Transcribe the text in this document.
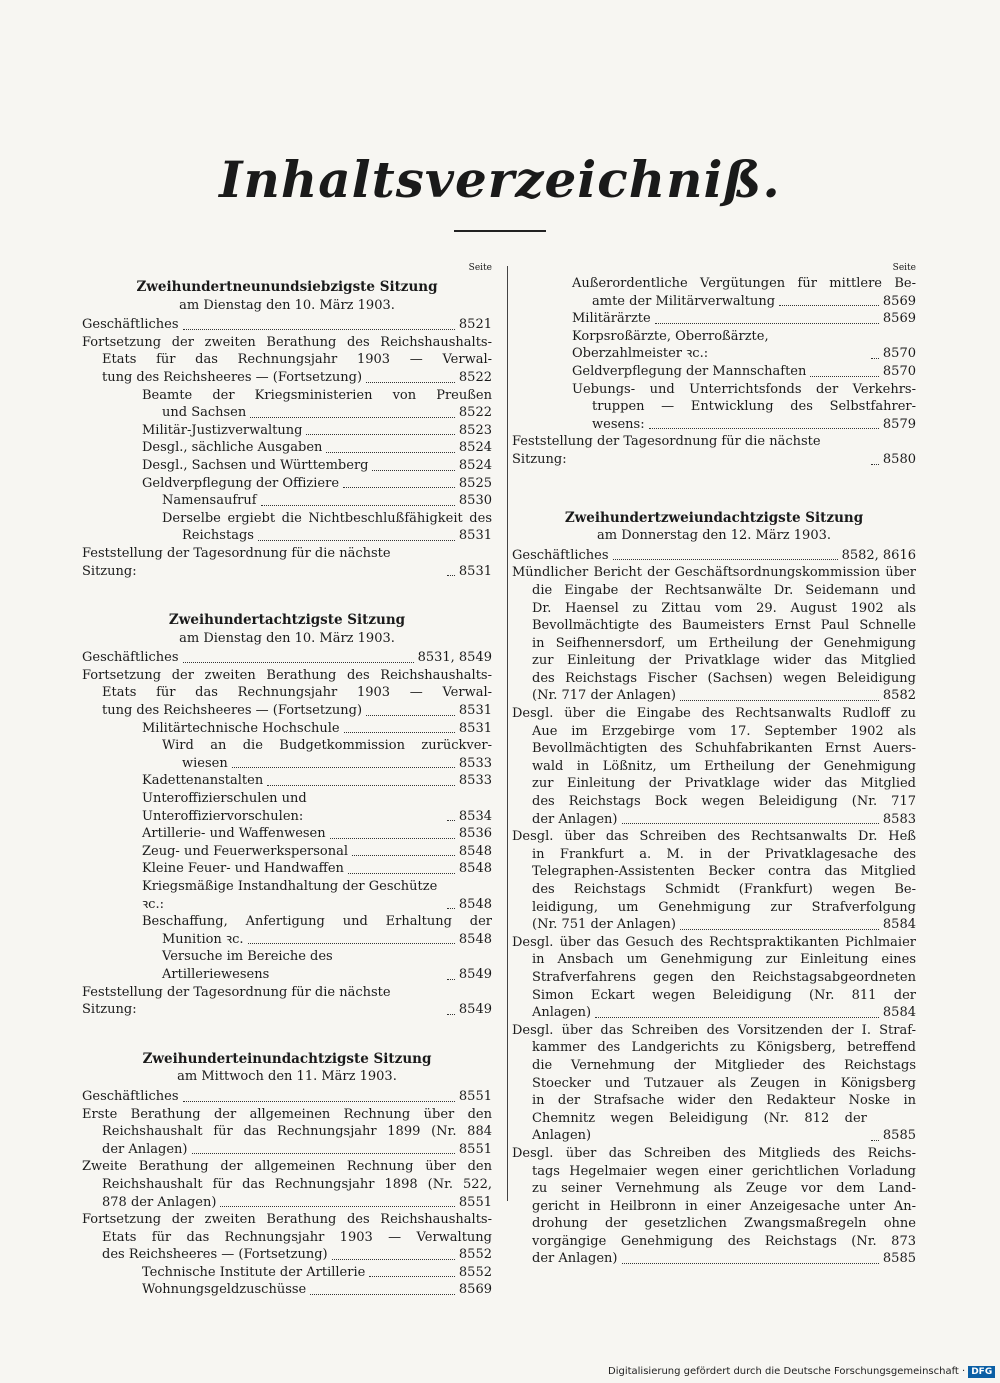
Inhaltsverzeichniß.
Seite
Zweihundertneunundsiebzigste Sitzung
am Dienstag den 10. März 1903.
Geschäftliches	8521
Fortsetzung der zweiten Berathung des Reichshaushalts-
Etats für das Rechnungsjahr 1903 — Verwal-
tung des Reichsheeres — (Fortsetzung)	8522
Beamte der Kriegsministerien von Preußen
und Sachsen	8522
Militär-Justizverwaltung	8523
Desgl., sächliche Ausgaben	8524
Desgl., Sachsen und Württemberg	8524
Geldverpflegung der Offiziere	8525
Namensaufruf	8530
Derselbe ergiebt die Nichtbeschlußfähigkeit des
Reichstags	8531
Feststellung der Tagesordnung für die nächste Sitzung:	8531
Zweihundertachtzigste Sitzung
am Dienstag den 10. März 1903.
Geschäftliches	8531, 8549
Fortsetzung der zweiten Berathung des Reichshaushalts-
Etats für das Rechnungsjahr 1903 — Verwal-
tung des Reichsheeres — (Fortsetzung)	8531
Militärtechnische Hochschule	8531
Wird an die Budgetkommission zurückver-
wiesen	8533
Kadettenanstalten	8533
Unteroffizierschulen und Unteroffiziervorschulen:	8534
Artillerie- und Waffenwesen	8536
Zeug- und Feuerwerkspersonal	8548
Kleine Feuer- und Handwaffen	8548
Kriegsmäßige Instandhaltung der Geschütze ꝛc.:	8548
Beschaffung, Anfertigung und Erhaltung der
Munition ꝛc.	8548
Versuche im Bereiche des Artilleriewesens	8549
Feststellung der Tagesordnung für die nächste Sitzung:	8549
Zweihunderteinundachtzigste Sitzung
am Mittwoch den 11. März 1903.
Geschäftliches	8551
Erste Berathung der allgemeinen Rechnung über den
Reichshaushalt für das Rechnungsjahr 1899 (Nr. 884
der Anlagen)	8551
Zweite Berathung der allgemeinen Rechnung über den
Reichshaushalt für das Rechnungsjahr 1898 (Nr. 522,
878 der Anlagen)	8551
Fortsetzung der zweiten Berathung des Reichshaushalts-
Etats für das Rechnungsjahr 1903 — Verwaltung
des Reichsheeres — (Fortsetzung)	8552
Technische Institute der Artillerie	8552
Wohnungsgeldzuschüsse	8569
Seite
Außerordentliche Vergütungen für mittlere Be-
amte der Militärverwaltung	8569
Militärärzte	8569
Korpsroßärzte, Oberroßärzte, Oberzahlmeister ꝛc.:	8570
Geldverpflegung der Mannschaften	8570
Uebungs- und Unterrichtsfonds der Verkehrs-
truppen — Entwicklung des Selbstfahrer-
wesens:	8579
Feststellung der Tagesordnung für die nächste Sitzung:	8580
Zweihundertzweiundachtzigste Sitzung
am Donnerstag den 12. März 1903.
Geschäftliches	8582, 8616
Mündlicher Bericht der Geschäftsordnungskommission über
die Eingabe der Rechtsanwälte Dr. Seidemann und
Dr. Haensel zu Zittau vom 29. August 1902 als
Bevollmächtigte des Baumeisters Ernst Paul Schnelle
in Seifhennersdorf, um Ertheilung der Genehmigung
zur Einleitung der Privatklage wider das Mitglied
des Reichstags Fischer (Sachsen) wegen Beleidigung
(Nr. 717 der Anlagen)	8582
Desgl. über die Eingabe des Rechtsanwalts Rudloff zu
Aue im Erzgebirge vom 17. September 1902 als
Bevollmächtigten des Schuhfabrikanten Ernst Auers-
wald in Lößnitz, um Ertheilung der Genehmigung
zur Einleitung der Privatklage wider das Mitglied
des Reichstags Bock wegen Beleidigung (Nr. 717
der Anlagen)	8583
Desgl. über das Schreiben des Rechtsanwalts Dr. Heß
in Frankfurt a. M. in der Privatklagesache des
Telegraphen-Assistenten Becker contra das Mitglied
des Reichstags Schmidt (Frankfurt) wegen Be-
leidigung, um Genehmigung zur Strafverfolgung
(Nr. 751 der Anlagen)	8584
Desgl. über das Gesuch des Rechtspraktikanten Pichlmaier
in Ansbach um Genehmigung zur Einleitung eines
Strafverfahrens gegen den Reichstagsabgeordneten
Simon Eckart wegen Beleidigung (Nr. 811 der
Anlagen)	8584
Desgl. über das Schreiben des Vorsitzenden der I. Straf-
kammer des Landgerichts zu Königsberg, betreffend
die Vernehmung der Mitglieder des Reichstags
Stoecker und Tutzauer als Zeugen in Königsberg
in der Strafsache wider den Redakteur Noske in
Chemnitz wegen Beleidigung (Nr. 812 der Anlagen)	8585
Desgl. über das Schreiben des Mitglieds des Reichs-
tags Hegelmaier wegen einer gerichtlichen Vorladung
zu seiner Vernehmung als Zeuge vor dem Land-
gericht in Heilbronn in einer Anzeigesache unter An-
drohung der gesetzlichen Zwangsmaßregeln ohne
vorgängige Genehmigung des Reichstags (Nr. 873
der Anlagen)	8585
Digitalisierung gefördert durch die Deutsche Forschungsgemeinschaft · DFG
